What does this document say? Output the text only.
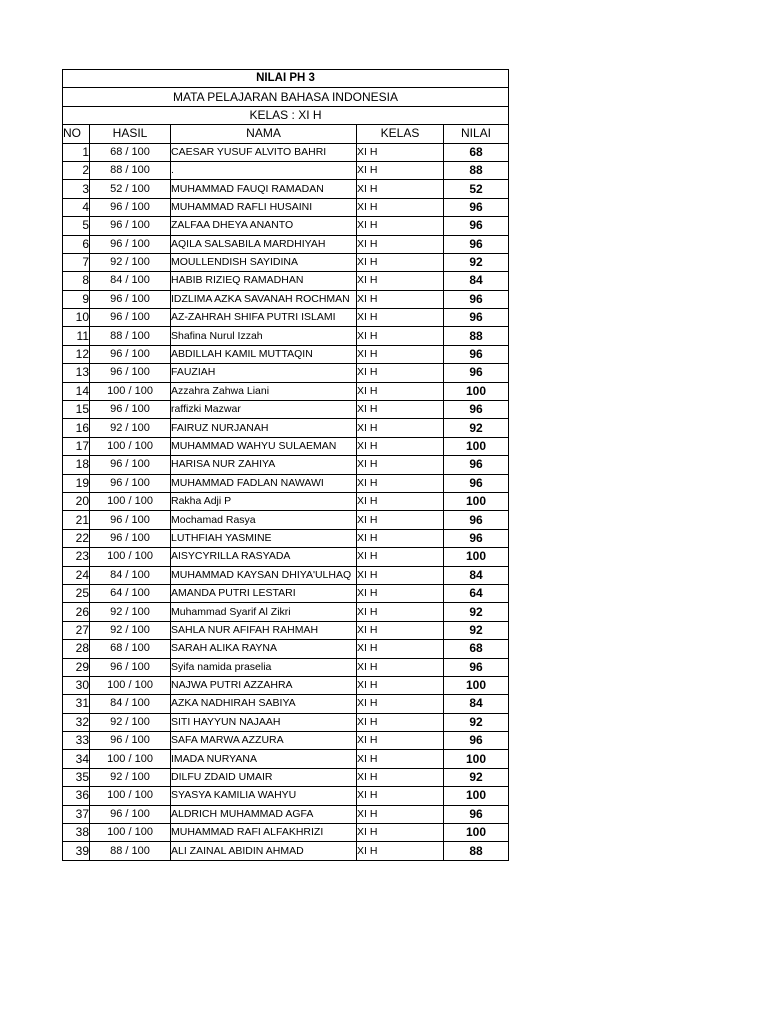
NILAI PH 3				
MATA PELAJARAN BAHASA INDONESIA				
KELAS : XI H				
NO	HASIL	NAMA	KELAS	NILAI
1	68 / 100	CAESAR YUSUF ALVITO BAHRI	XI H	68
2	88 / 100	.	XI H	88
3	52 / 100	MUHAMMAD FAUQI RAMADAN	XI H	52
4	96 / 100	MUHAMMAD RAFLI HUSAINI	XI H	96
5	96 / 100	ZALFAA DHEYA ANANTO	XI H	96
6	96 / 100	AQILA SALSABILA MARDHIYAH	XI H	96
7	92 / 100	MOULLENDISH SAYIDINA	XI H	92
8	84 / 100	HABIB RIZIEQ RAMADHAN	XI H	84
9	96 / 100	IDZLIMA AZKA SAVANAH ROCHMAN	XI H	96
10	96 / 100	AZ-ZAHRAH SHIFA PUTRI ISLAMI	XI H	96
11	88 / 100	Shafina Nurul Izzah	XI H	88
12	96 / 100	ABDILLAH KAMIL MUTTAQIN	XI H	96
13	96 / 100	FAUZIAH	XI H	96
14	100 / 100	Azzahra Zahwa Liani	XI H	100
15	96 / 100	raffizki Mazwar	XI H	96
16	92 / 100	FAIRUZ NURJANAH	XI H	92
17	100 / 100	MUHAMMAD WAHYU SULAEMAN	XI H	100
18	96 / 100	HARISA NUR ZAHIYA	XI H	96
19	96 / 100	MUHAMMAD FADLAN NAWAWI	XI H	96
20	100 / 100	Rakha Adji P	XI H	100
21	96 / 100	Mochamad Rasya	XI H	96
22	96 / 100	LUTHFIAH YASMINE	XI H	96
23	100 / 100	AISYCYRILLA RASYADA	XI H	100
24	84 / 100	MUHAMMAD KAYSAN DHIYA'ULHAQ	XI H	84
25	64 / 100	AMANDA PUTRI LESTARI	XI H	64
26	92 / 100	Muhammad Syarif Al Zikri	XI H	92
27	92 / 100	SAHLA NUR AFIFAH RAHMAH	XI H	92
28	68 / 100	SARAH ALIKA RAYNA	XI H	68
29	96 / 100	Syifa namida praselia	XI H	96
30	100 / 100	NAJWA PUTRI AZZAHRA	XI H	100
31	84 / 100	AZKA NADHIRAH SABIYA	XI H	84
32	92 / 100	SITI HAYYUN NAJAAH	XI H	92
33	96 / 100	SAFA MARWA AZZURA	XI H	96
34	100 / 100	IMADA NURYANA	XI H	100
35	92 / 100	DILFU ZDAID UMAIR	XI H	92
36	100 / 100	SYASYA KAMILIA WAHYU	XI H	100
37	96 / 100	ALDRICH MUHAMMAD AGFA	XI H	96
38	100 / 100	MUHAMMAD RAFI ALFAKHRIZI	XI H	100
39	88 / 100	ALI ZAINAL ABIDIN AHMAD	XI H	88
